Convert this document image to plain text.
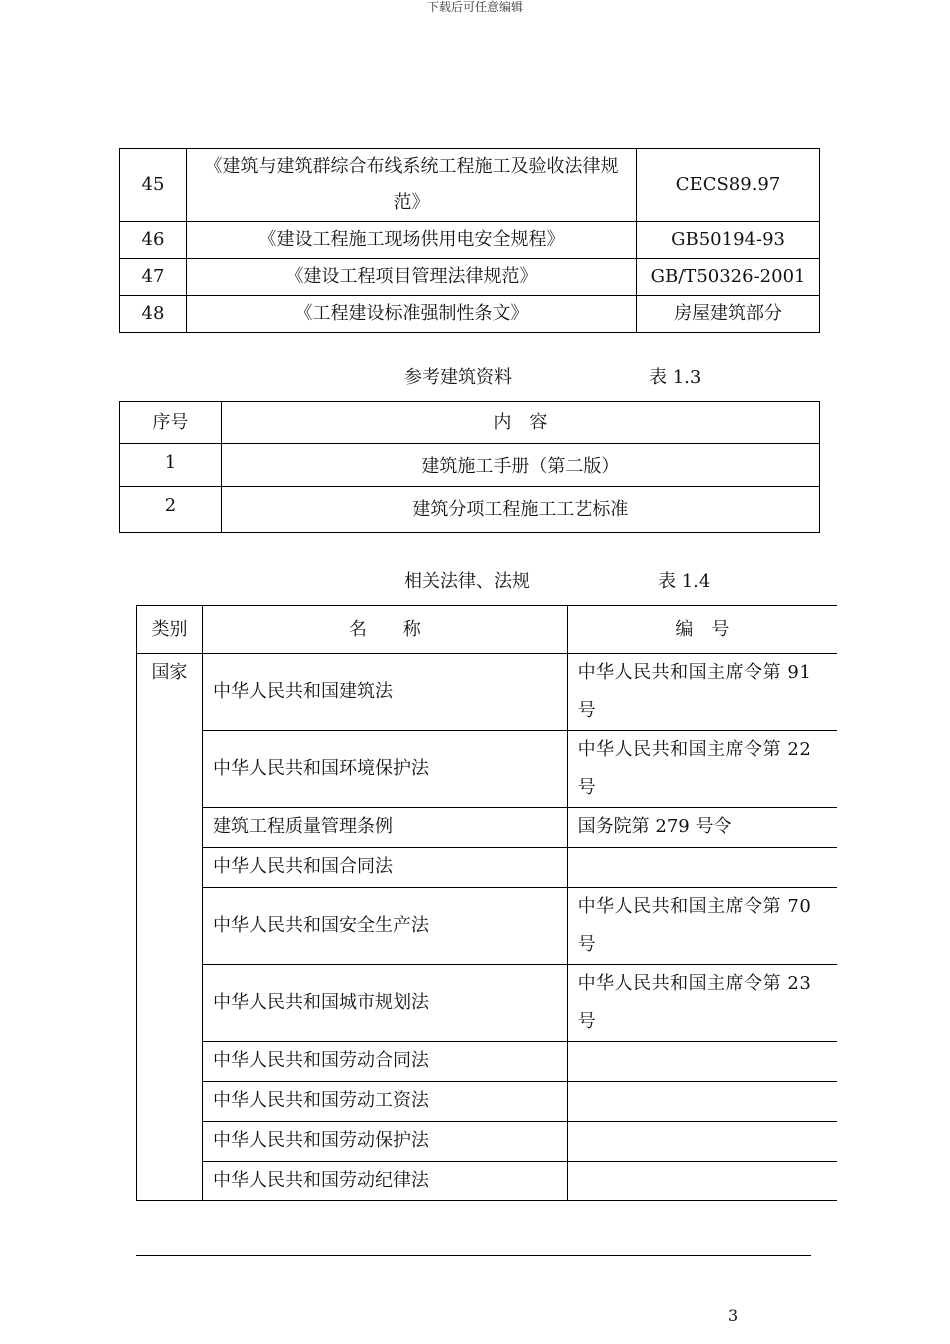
下载后可任意编辑
45	《建筑与建筑群综合布线系统工程施工及验收法律规范》	CECS89.97
46	《建设工程施工现场供用电安全规程》	GB50194-93
47	《建设工程项目管理法律规范》	GB/T50326-2001
48	《工程建设标准强制性条文》	房屋建筑部分
参考建筑资料	表 1.3
序号	内　容
1	建筑施工手册（第二版）
2	建筑分项工程施工工艺标准
相关法律、法规	表 1.4
类别	名　　称	编　号
国家	中华人民共和国建筑法	中华人民共和国主席令第 91 号
	中华人民共和国环境保护法	中华人民共和国主席令第 22 号
	建筑工程质量管理条例	国务院第 279 号令
	中华人民共和国合同法	
	中华人民共和国安全生产法	中华人民共和国主席令第 70 号
	中华人民共和国城市规划法	中华人民共和国主席令第 23 号
	中华人民共和国劳动合同法	
	中华人民共和国劳动工资法	
	中华人民共和国劳动保护法	
	中华人民共和国劳动纪律法	
3
